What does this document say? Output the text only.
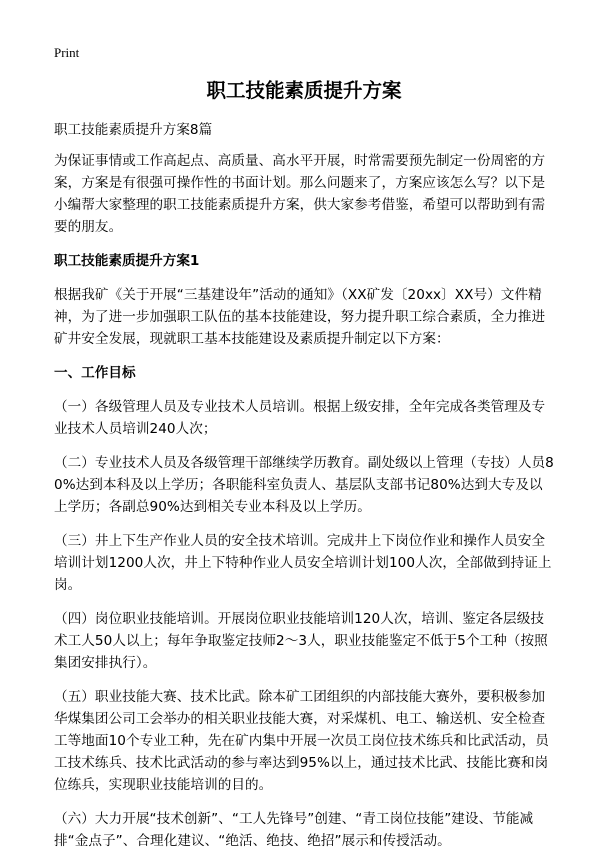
Print
职工技能素质提升方案

职工技能素质提升方案8篇

为保证事情或工作高起点、高质量、高水平开展，时常需要预先制定一份周密的方案，方案是有很强可操作性的书面计划。那么问题来了，方案应该怎么写？以下是小编帮大家整理的职工技能素质提升方案，供大家参考借鉴，希望可以帮助到有需要的朋友。

职工技能素质提升方案1

根据我矿《关于开展“三基建设年”活动的通知》（XX矿发〔20xx〕XX号）文件精神，为了进一步加强职工队伍的基本技能建设，努力提升职工综合素质，全力推进矿井安全发展，现就职工基本技能建设及素质提升制定以下方案：

一、工作目标

（一）各级管理人员及专业技术人员培训。根据上级安排，全年完成各类管理及专业技术人员培训240人次；

（二）专业技术人员及各级管理干部继续学历教育。副处级以上管理（专技）人员80%达到本科及以上学历；各职能科室负责人、基层队支部书记80%达到大专及以上学历；各副总90%达到相关专业本科及以上学历。

（三）井上下生产作业人员的安全技术培训。完成井上下岗位作业和操作人员安全培训计划1200人次，井上下特种作业人员安全培训计划100人次，全部做到持证上岗。

（四）岗位职业技能培训。开展岗位职业技能培训120人次，培训、鉴定各层级技术工人50人以上；每年争取鉴定技师2～3人，职业技能鉴定不低于5个工种（按照集团安排执行）。

（五）职业技能大赛、技术比武。除本矿工团组织的内部技能大赛外，要积极参加华煤集团公司工会举办的相关职业技能大赛，对采煤机、电工、输送机、安全检查工等地面10个专业工种，先在矿内集中开展一次员工岗位技术练兵和比武活动，员工技术练兵、技术比武活动的参与率达到95%以上，通过技术比武、技能比赛和岗位练兵，实现职业技能培训的目的。

（六）大力开展“技术创新”、“工人先锋号”创建、“青工岗位技能”建设、节能减排“金点子”、合理化建议、“绝活、绝技、绝招”展示和传授活动。
